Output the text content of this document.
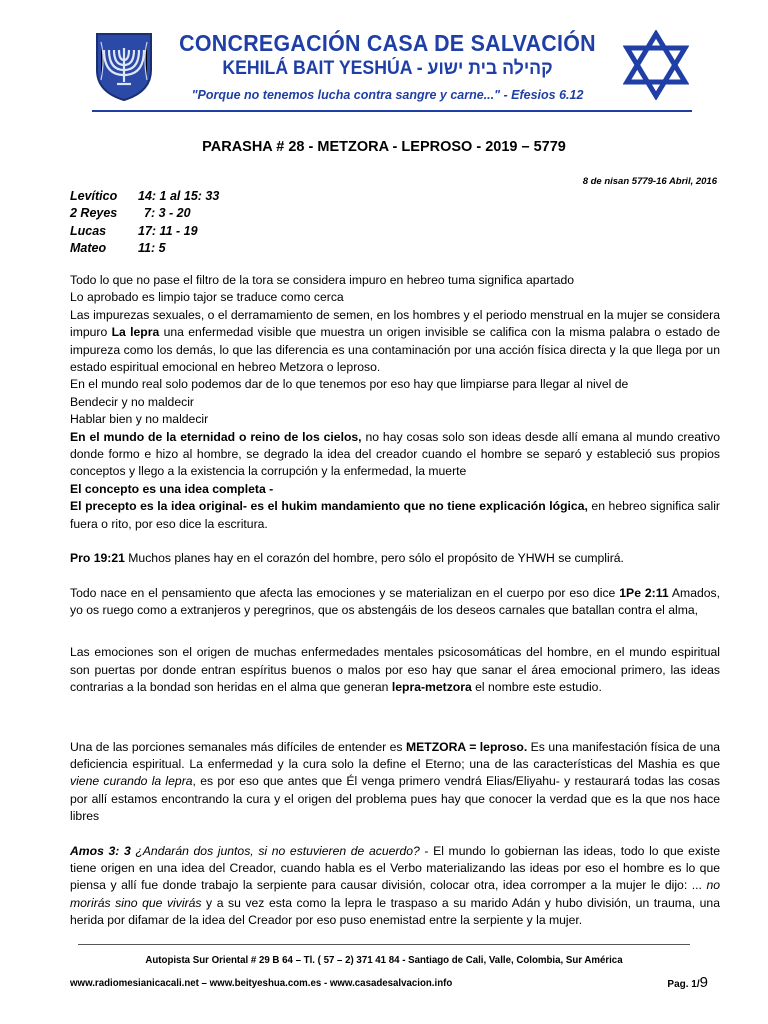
CONCREGACIÓN CASA DE SALVACIÓN
KEHILÁ BAIT YESHÚA - קהילה בית ישוע
"Porque no tenemos lucha contra sangre y carne..." - Efesios 6.12
PARASHA # 28 - METZORA - LEPROSO - 2019 – 5779
8 de nisan 5779-16 Abril, 2016
Levítico 14: 1 al 15: 33
2 Reyes 7: 3 - 20
Lucas	17: 11 - 19
Mateo	11: 5

Todo lo que no pase el filtro de la tora se considera impuro en hebreo tuma significa apartado

Lo aprobado es limpio tajor se traduce como cerca

Las impurezas sexuales, o el derramamiento de semen, en los hombres y el periodo menstrual en la mujer se considera impuro La lepra una enfermedad visible que muestra un origen invisible se califica con la misma palabra o estado de impureza como los demás, lo que las diferencia es una contaminación por una acción física directa y la que llega por un estado espiritual emocional en hebreo Metzora o leproso.

En el mundo real solo podemos dar de lo que tenemos por eso hay que limpiarse para llegar al nivel de

Bendecir y no maldecir

Hablar bien y no maldecir

En el mundo de la eternidad o reino de los cielos, no hay cosas solo son ideas desde allí emana al mundo creativo donde formo e hizo al hombre, se degrado la idea del creador cuando el hombre se separó y estableció sus propios conceptos y llego a la existencia la corrupción y la enfermedad, la muerte

El concepto es una idea completa -

El precepto es la idea original- es el hukim mandamiento que no tiene explicación lógica, en hebreo significa salir fuera o rito, por eso dice la escritura.

Pro 19:21 Muchos planes hay en el corazón del hombre, pero sólo el propósito de YHWH se cumplirá.

Todo nace en el pensamiento que afecta las emociones y se materializan en el cuerpo por eso dice 1Pe 2:11 Amados, yo os ruego como a extranjeros y peregrinos, que os abstengáis de los deseos carnales que batallan contra el alma,

Las emociones son el origen de muchas enfermedades mentales psicosomáticas del hombre, en el mundo espiritual son puertas por donde entran espíritus buenos o malos por eso hay que sanar el área emocional primero, las ideas contrarias a la bondad son heridas en el alma que generan lepra-metzora el nombre este estudio.

Una de las porciones semanales más difíciles de entender es METZORA = leproso. Es una manifestación física de una deficiencia espiritual. La enfermedad y la cura solo la define el Eterno; una de las características del Mashia es que viene curando la lepra, es por eso que antes que Él venga primero vendrá Elias/Eliyahu- y restaurará todas las cosas por allí estamos encontrando la cura y el origen del problema pues hay que conocer la verdad que es la que nos hace libres

Amos 3: 3 ¿Andarán dos juntos, si no estuvieren de acuerdo? - El mundo lo gobiernan las ideas, todo lo que existe tiene origen en una idea del Creador, cuando habla es el Verbo materializando las ideas por eso el hombre es lo que piensa y allí fue donde trabajo la serpiente para causar división, colocar otra, idea corromper a la mujer le dijo: ... no morirás sino que vivirás y a su vez esta como la lepra le traspaso a su marido Adán y hubo división, un trauma, una herida por difamar de la idea del Creador por eso puso enemistad entre la serpiente y la mujer.

Autopista Sur Oriental # 29 B 64 – Tl. ( 57 – 2) 371 41 84 - Santiago de Cali, Valle, Colombia, Sur América
www.radiomesianicacali.net – www.beityeshua.com.es - www.casadesalvacion.info	Pag. 1/9
